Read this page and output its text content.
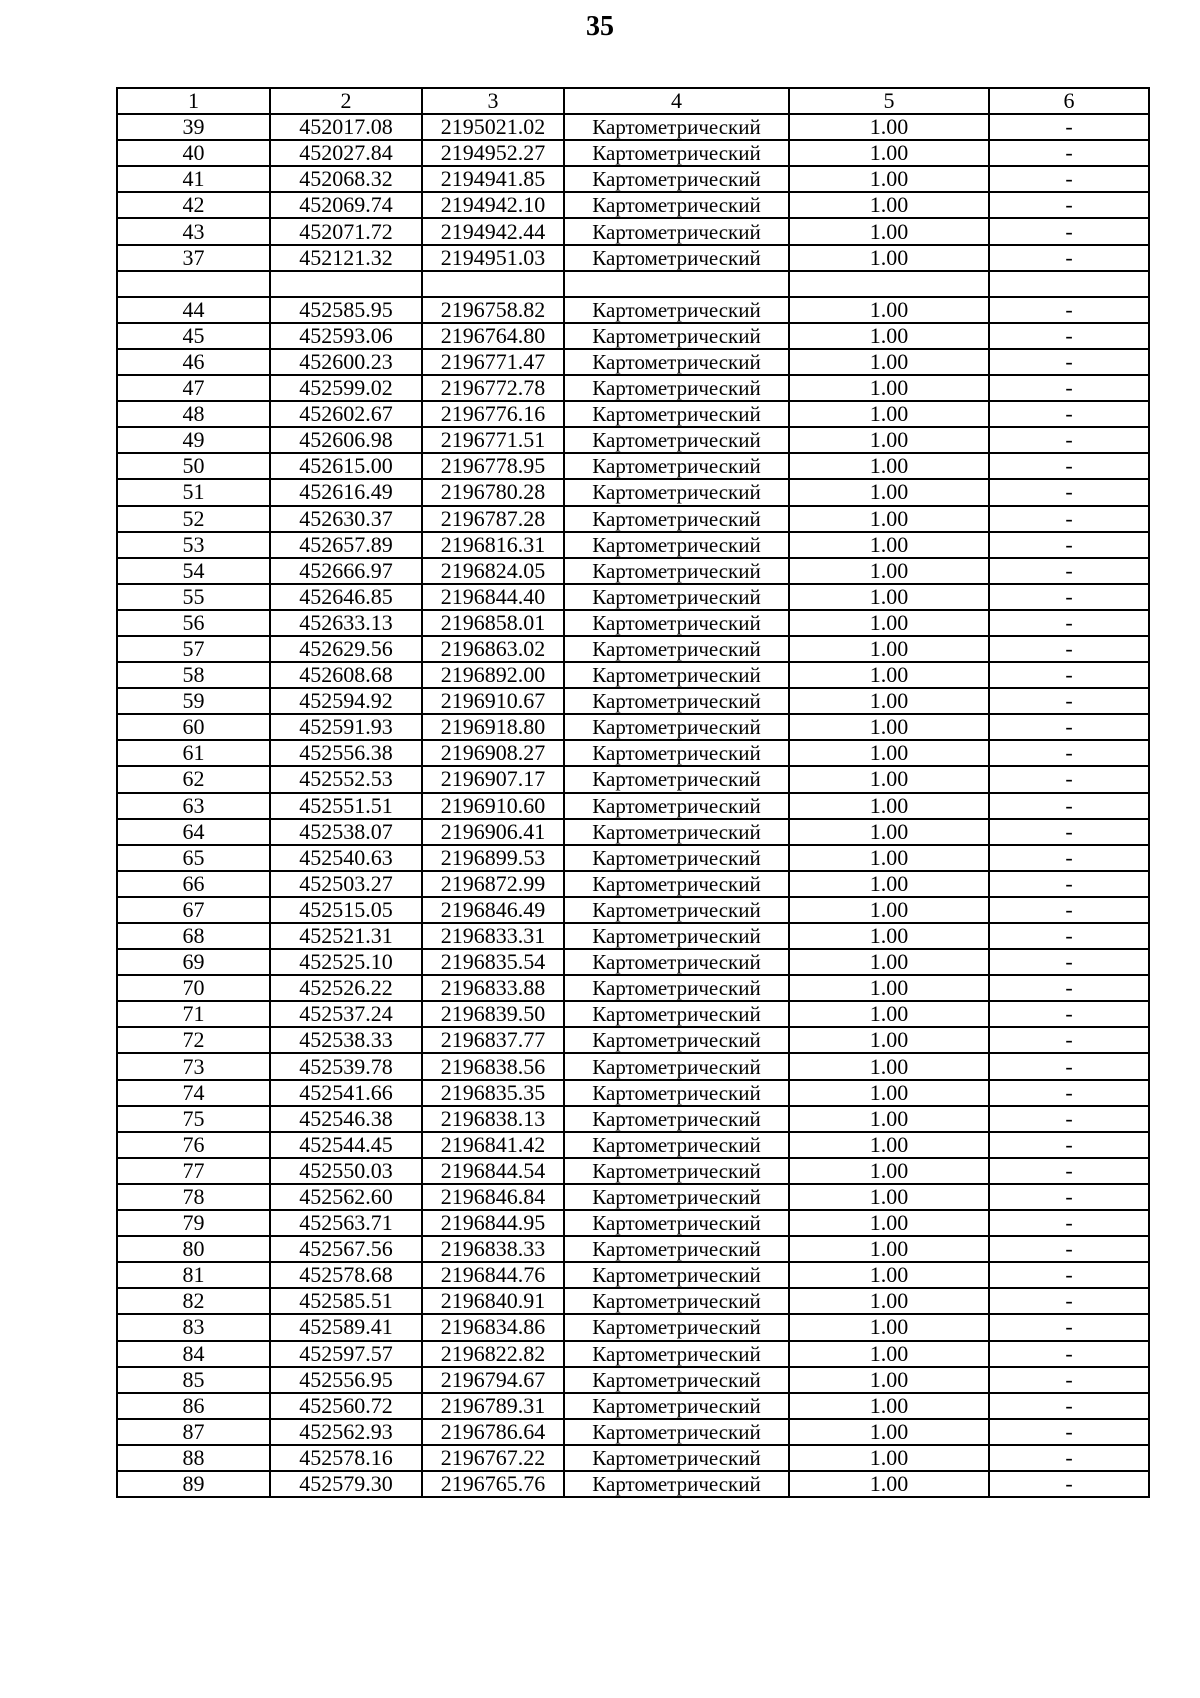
35
1	2	3	4	5	6
39	452017.08	2195021.02	Картометрический	1.00	-
40	452027.84	2194952.27	Картометрический	1.00	-
41	452068.32	2194941.85	Картометрический	1.00	-
42	452069.74	2194942.10	Картометрический	1.00	-
43	452071.72	2194942.44	Картометрический	1.00	-
37	452121.32	2194951.03	Картометрический	1.00	-

44	452585.95	2196758.82	Картометрический	1.00	-
45	452593.06	2196764.80	Картометрический	1.00	-
46	452600.23	2196771.47	Картометрический	1.00	-
47	452599.02	2196772.78	Картометрический	1.00	-
48	452602.67	2196776.16	Картометрический	1.00	-
49	452606.98	2196771.51	Картометрический	1.00	-
50	452615.00	2196778.95	Картометрический	1.00	-
51	452616.49	2196780.28	Картометрический	1.00	-
52	452630.37	2196787.28	Картометрический	1.00	-
53	452657.89	2196816.31	Картометрический	1.00	-
54	452666.97	2196824.05	Картометрический	1.00	-
55	452646.85	2196844.40	Картометрический	1.00	-
56	452633.13	2196858.01	Картометрический	1.00	-
57	452629.56	2196863.02	Картометрический	1.00	-
58	452608.68	2196892.00	Картометрический	1.00	-
59	452594.92	2196910.67	Картометрический	1.00	-
60	452591.93	2196918.80	Картометрический	1.00	-
61	452556.38	2196908.27	Картометрический	1.00	-
62	452552.53	2196907.17	Картометрический	1.00	-
63	452551.51	2196910.60	Картометрический	1.00	-
64	452538.07	2196906.41	Картометрический	1.00	-
65	452540.63	2196899.53	Картометрический	1.00	-
66	452503.27	2196872.99	Картометрический	1.00	-
67	452515.05	2196846.49	Картометрический	1.00	-
68	452521.31	2196833.31	Картометрический	1.00	-
69	452525.10	2196835.54	Картометрический	1.00	-
70	452526.22	2196833.88	Картометрический	1.00	-
71	452537.24	2196839.50	Картометрический	1.00	-
72	452538.33	2196837.77	Картометрический	1.00	-
73	452539.78	2196838.56	Картометрический	1.00	-
74	452541.66	2196835.35	Картометрический	1.00	-
75	452546.38	2196838.13	Картометрический	1.00	-
76	452544.45	2196841.42	Картометрический	1.00	-
77	452550.03	2196844.54	Картометрический	1.00	-
78	452562.60	2196846.84	Картометрический	1.00	-
79	452563.71	2196844.95	Картометрический	1.00	-
80	452567.56	2196838.33	Картометрический	1.00	-
81	452578.68	2196844.76	Картометрический	1.00	-
82	452585.51	2196840.91	Картометрический	1.00	-
83	452589.41	2196834.86	Картометрический	1.00	-
84	452597.57	2196822.82	Картометрический	1.00	-
85	452556.95	2196794.67	Картометрический	1.00	-
86	452560.72	2196789.31	Картометрический	1.00	-
87	452562.93	2196786.64	Картометрический	1.00	-
88	452578.16	2196767.22	Картометрический	1.00	-
89	452579.30	2196765.76	Картометрический	1.00	-
